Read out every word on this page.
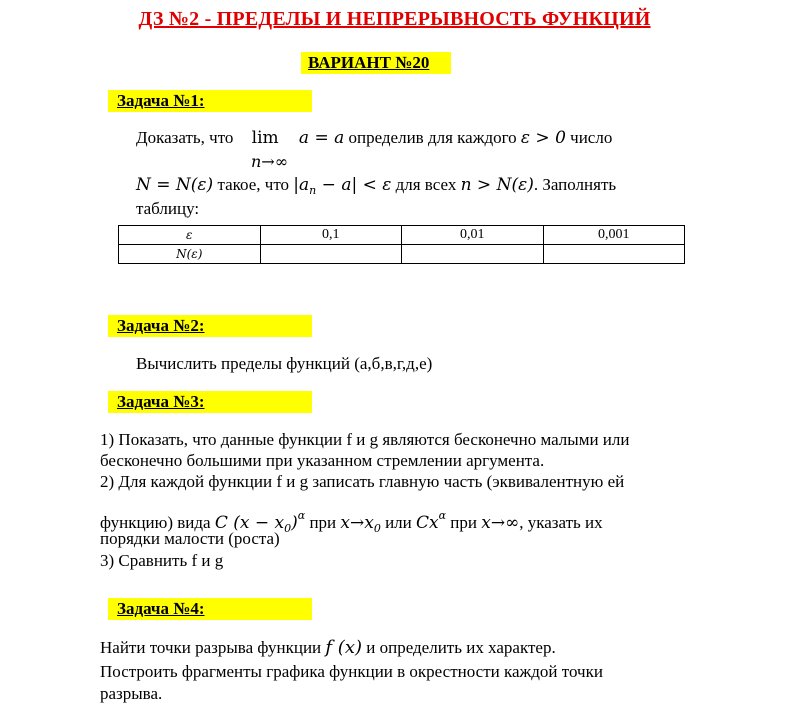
ДЗ №2 - ПРЕДЕЛЫ И НЕПРЕРЫВНОСТЬ ФУНКЦИЙ
ВАРИАНТ №20
Задача №1:
Доказать, что lim a = a определив для каждого ε > 0 число
n→∞
N = N(ε) такое, что $|a_n - a| < \varepsilon$ для всех n > N(ε). Заполнять
таблицу:
ε	0,1	0,01	0,001
N(ε)			
Задача №2:
Вычислить пределы функций (а,б,в,г,д,е)
Задача №3:
1) Показать, что данные функции f и g являются бесконечно малыми или
бесконечно большими при указанном стремлении аргумента.
2) Для каждой функции f и g записать главную часть (эквивалентную ей
функцию) вида C $(x - x_0)^\alpha$ при $x\to x_0$ или $Cx^\alpha$ при x→∞, указать их
порядки малости (роста)
3) Сравнить f и g
Задача №4:
Найти точки разрыва функции f (x) и определить их характер.
Построить фрагменты графика функции в окрестности каждой точки
разрыва.
